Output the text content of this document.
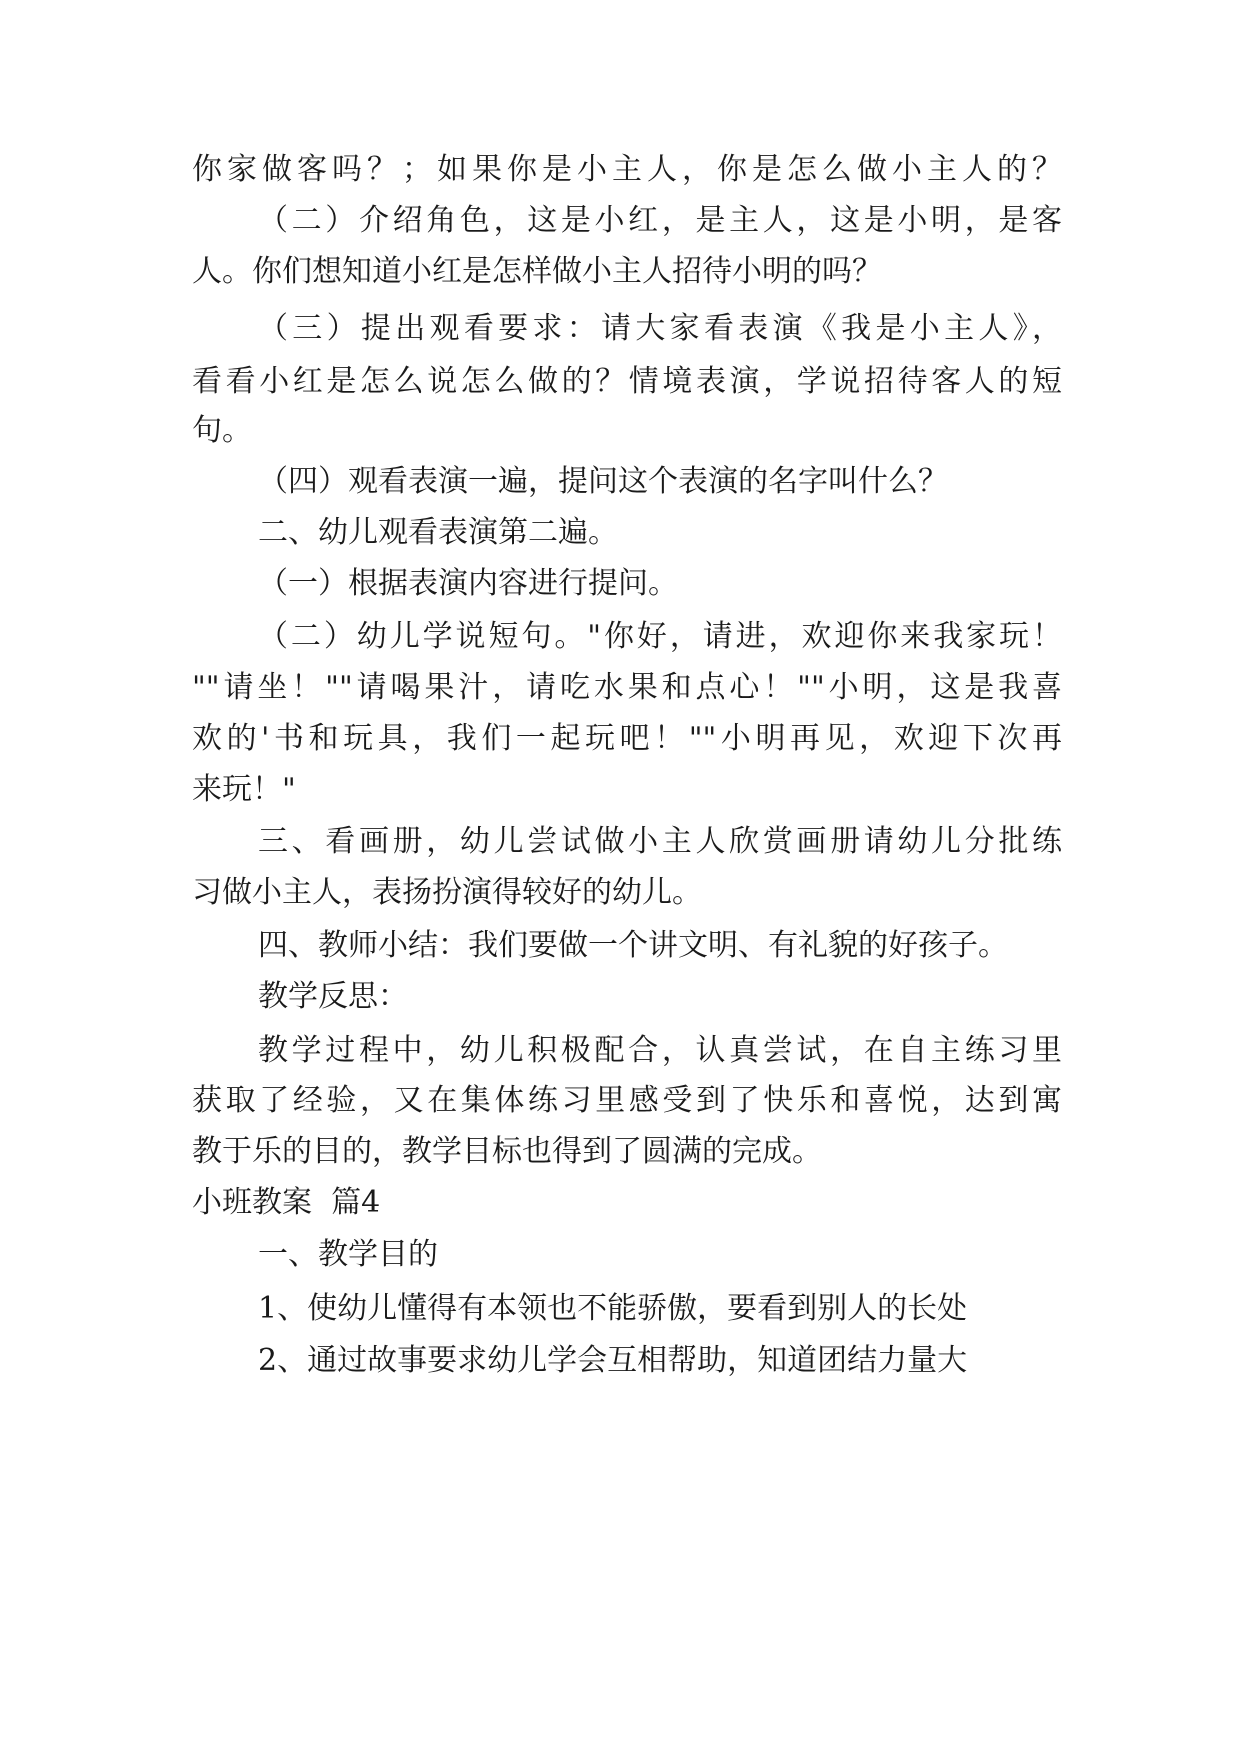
你家做客吗？；如果你是小主人，你是怎么做小主人的？
（二）介绍角色，这是小红，是主人，这是小明，是客
人。你们想知道小红是怎样做小主人招待小明的吗？
（三）提出观看要求：请大家看表演《我是小主人》，
看看小红是怎么说怎么做的？情境表演，学说招待客人的短
句。
（四）观看表演一遍，提问这个表演的名字叫什么？
二、幼儿观看表演第二遍。
（一）根据表演内容进行提问。
（二）幼儿学说短句。"你好，请进，欢迎你来我家玩！
""请坐！""请喝果汁，请吃水果和点心！""小明，这是我喜
欢的'书和玩具，我们一起玩吧！""小明再见，欢迎下次再
来玩！"
三、看画册，幼儿尝试做小主人欣赏画册请幼儿分批练
习做小主人，表扬扮演得较好的幼儿。
四、教师小结：我们要做一个讲文明、有礼貌的好孩子。
教学反思：
教学过程中，幼儿积极配合，认真尝试，在自主练习里
获取了经验，又在集体练习里感受到了快乐和喜悦，达到寓
教于乐的目的，教学目标也得到了圆满的完成。
小班教案  篇4
一、教学目的
1、使幼儿懂得有本领也不能骄傲，要看到别人的长处
2、通过故事要求幼儿学会互相帮助，知道团结力量大
